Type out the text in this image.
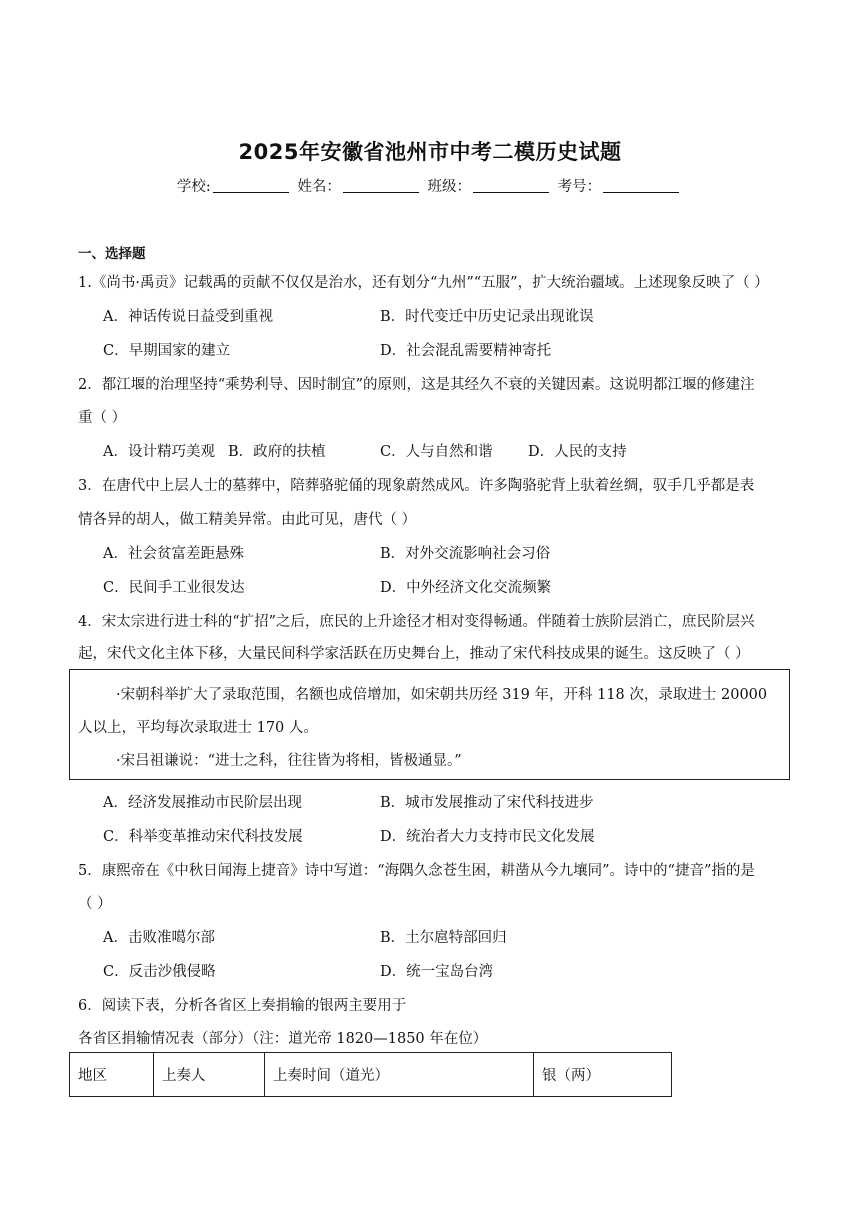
2025年安徽省池州市中考二模历史试题
学校:	姓名：	班级：	考号：
一、选择题
1.《尚书·禹贡》记载禹的贡献不仅仅是治水，还有划分“九州”“五服”，扩大统治疆域。上述现象反映了（ ）
A．神话传说日益受到重视	B．时代变迁中历史记录出现讹误
C．早期国家的建立	D．社会混乱需要精神寄托
2．都江堰的治理坚持“乘势利导、因时制宜”的原则，这是其经久不衰的关键因素。这说明都江堰的修建注
重（ ）
A．设计精巧美观 B．政府的扶植	C．人与自然和谐 D．人民的支持
3．在唐代中上层人士的墓葬中，陪葬骆驼俑的现象蔚然成风。许多陶骆驼背上驮着丝绸，驭手几乎都是表
情各异的胡人，做工精美异常。由此可见，唐代（ ）
A．社会贫富差距悬殊	B．对外交流影响社会习俗
C．民间手工业很发达	D．中外经济文化交流频繁
4．宋太宗进行进士科的“扩招”之后，庶民的上升途径才相对变得畅通。伴随着士族阶层消亡，庶民阶层兴
起，宋代文化主体下移，大量民间科学家活跃在历史舞台上，推动了宋代科技成果的诞生。这反映了（ ）
·宋朝科举扩大了录取范围，名额也成倍增加，如宋朝共历经 319 年，开科 118 次，录取进士 20000
人以上，平均每次录取进士 170 人。
·宋吕祖谦说：“进士之科，往往皆为将相，皆极通显。”
A．经济发展推动市民阶层出现	B．城市发展推动了宋代科技进步
C．科举变革推动宋代科技发展	D．统治者大力支持市民文化发展
5．康熙帝在《中秋日闻海上捷音》诗中写道：“海隅久念苍生困，耕凿从今九壤同”。诗中的“捷音”指的是
（ ）
A．击败准噶尔部	B．土尔扈特部回归
C．反击沙俄侵略	D．统一宝岛台湾
6．阅读下表，分析各省区上奏捐输的银两主要用于
各省区捐输情况表（部分）（注：道光帝 1820—1850 年在位）
地区	上奏人	上奏时间（道光）	银（两）
